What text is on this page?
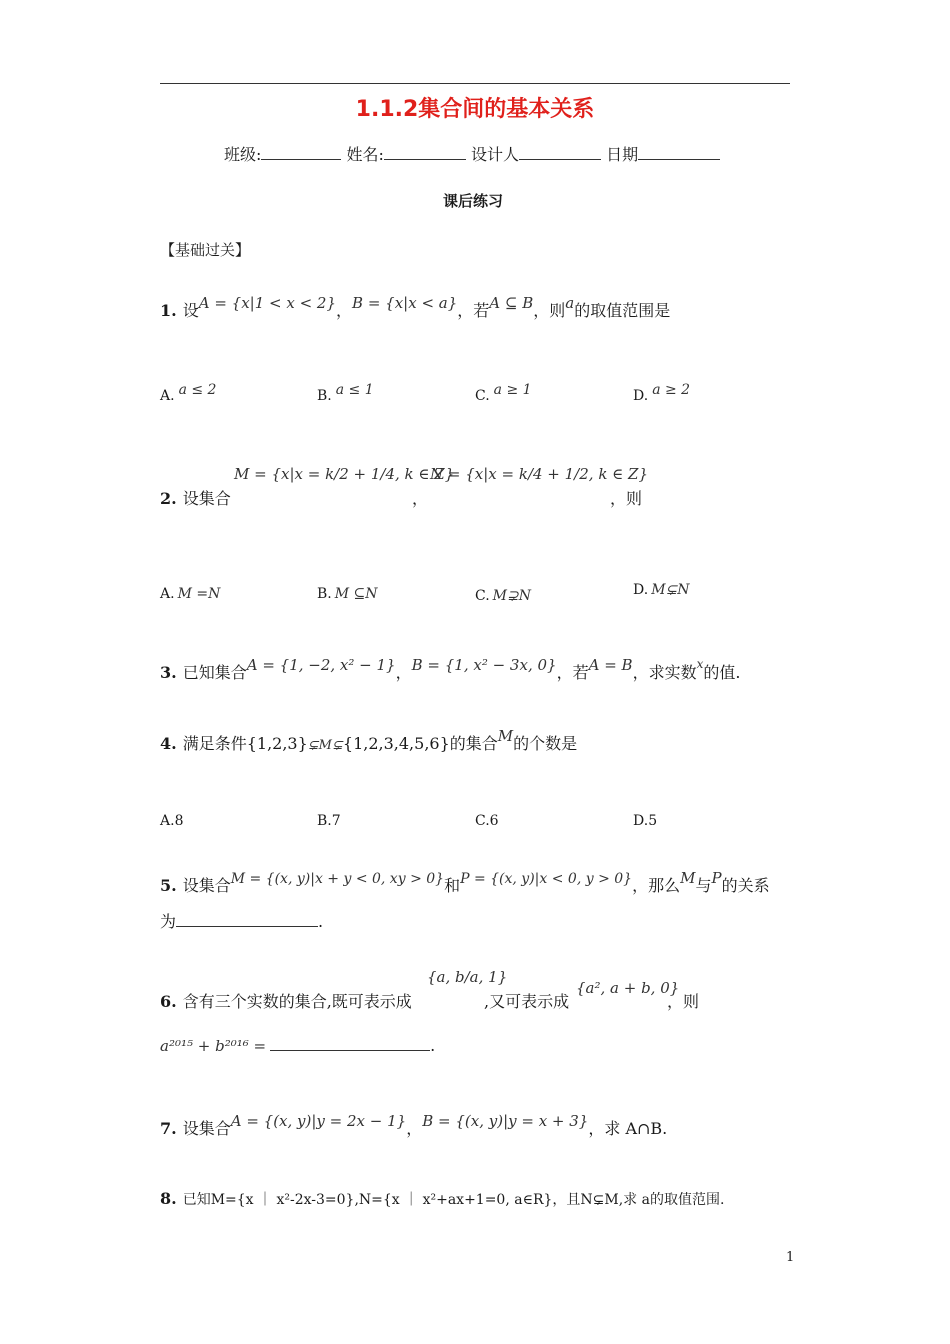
1.1.2集合间的基本关系
班级:	姓名:	设计人	日期
课后练习
【基础过关】
1. 设A = {x|1 < x < 2}，B = {x|x < a}，若A ⊆ B，则a的取值范围是
A. a ≤ 2	B. a ≤ 1	C. a ≥ 1	D. a ≥ 2
2. 设集合
M = {x|x = k/2 + 1/4, k ∈ Z}
，
N = {x|x = k/4 + 1/2, k ∈ Z}
，则
A. M =N	B. M ⊆N	C. M⊋N	D. M⊊N
3. 已知集合A = {1, −2, x² − 1}，B = {1, x² − 3x, 0}，若A = B，求实数$^x$的值.
4. 满足条件{1,2,3}⊊M⊊{1,2,3,4,5,6}的集合M的个数是
A.8	B.7	C.6	D.5
5. 设集合M = {(x, y)|x + y < 0, xy > 0}和P = {(x, y)|x < 0, y > 0}，那么M与P的关系
为	.
6. 含有三个实数的集合,既可表示成
{a, b/a, 1}
,又可表示成
{a², a + b, 0}
，则
a²⁰¹⁵ + b²⁰¹⁶ =	.
7. 设集合A = {(x, y)|y = 2x − 1}，B = {(x, y)|y = x + 3}，求 A∩B.
8. 已知M={x ｜ x²-2x-3=0},N={x ｜ x²+ax+1=0, a∈R}，且N⊊M,求 a的取值范围.
1
